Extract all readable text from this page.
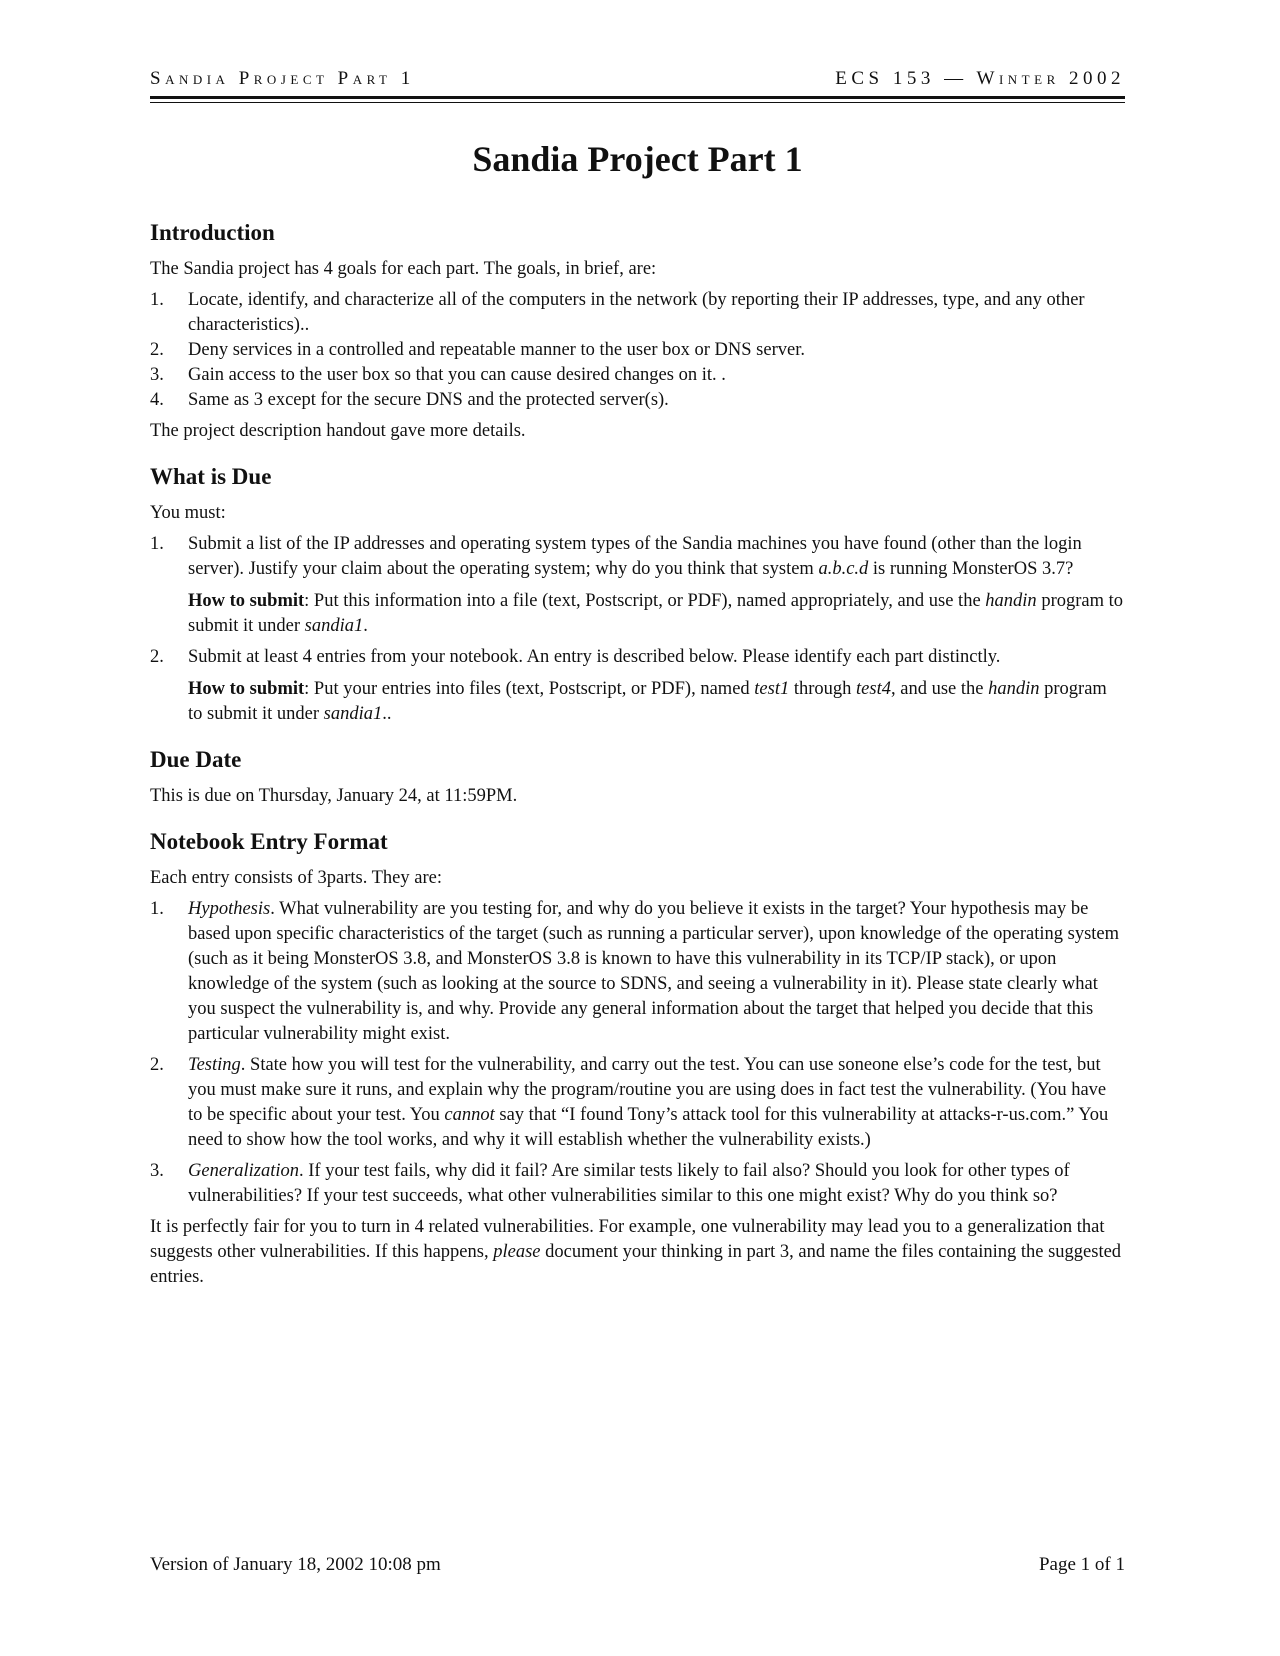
Sandia Project Part 1	ECS 153 — Winter 2002
Sandia Project Part 1
Introduction

The Sandia project has 4 goals for each part. The goals, in brief, are:

1. Locate, identify, and characterize all of the computers in the network (by reporting their IP addresses, type, and any other characteristics)..
2. Deny services in a controlled and repeatable manner to the user box or DNS server.
3. Gain access to the user box so that you can cause desired changes on it. .
4. Same as 3 except for the secure DNS and the protected server(s).

The project description handout gave more details.

What is Due

You must:

1. Submit a list of the IP addresses and operating system types of the Sandia machines you have found (other than the login server). Justify your claim about the operating system; why do you think that system a.b.c.d is running MonsterOS 3.7?

How to submit: Put this information into a file (text, Postscript, or PDF), named appropriately, and use the handin program to submit it under sandia1.

2. Submit at least 4 entries from your notebook. An entry is described below. Please identify each part distinctly.

How to submit: Put your entries into files (text, Postscript, or PDF), named test1 through test4, and use the handin program to submit it under sandia1..

Due Date

This is due on Thursday, January 24, at 11:59PM.

Notebook Entry Format

Each entry consists of 3parts. They are:

1. Hypothesis. What vulnerability are you testing for, and why do you believe it exists in the target? Your hypothesis may be based upon specific characteristics of the target (such as running a particular server), upon knowledge of the operating system (such as it being MonsterOS 3.8, and MonsterOS 3.8 is known to have this vulnerability in its TCP/IP stack), or upon knowledge of the system (such as looking at the source to SDNS, and seeing a vulnerability in it). Please state clearly what you suspect the vulnerability is, and why. Provide any general information about the target that helped you decide that this particular vulnerability might exist.
2. Testing. State how you will test for the vulnerability, and carry out the test. You can use soneone else’s code for the test, but you must make sure it runs, and explain why the program/routine you are using does in fact test the vulnerability. (You have to be specific about your test. You cannot say that “I found Tony’s attack tool for this vulnerability at attacks-r-us.com.” You need to show how the tool works, and why it will establish whether the vulnerability exists.)
3. Generalization. If your test fails, why did it fail? Are similar tests likely to fail also? Should you look for other types of vulnerabilities? If your test succeeds, what other vulnerabilities similar to this one might exist? Why do you think so?

It is perfectly fair for you to turn in 4 related vulnerabilities. For example, one vulnerability may lead you to a generalization that suggests other vulnerabilities. If this happens, please document your thinking in part 3, and name the files containing the suggested entries.

Version of January 18, 2002 10:08 pm	Page 1 of 1
